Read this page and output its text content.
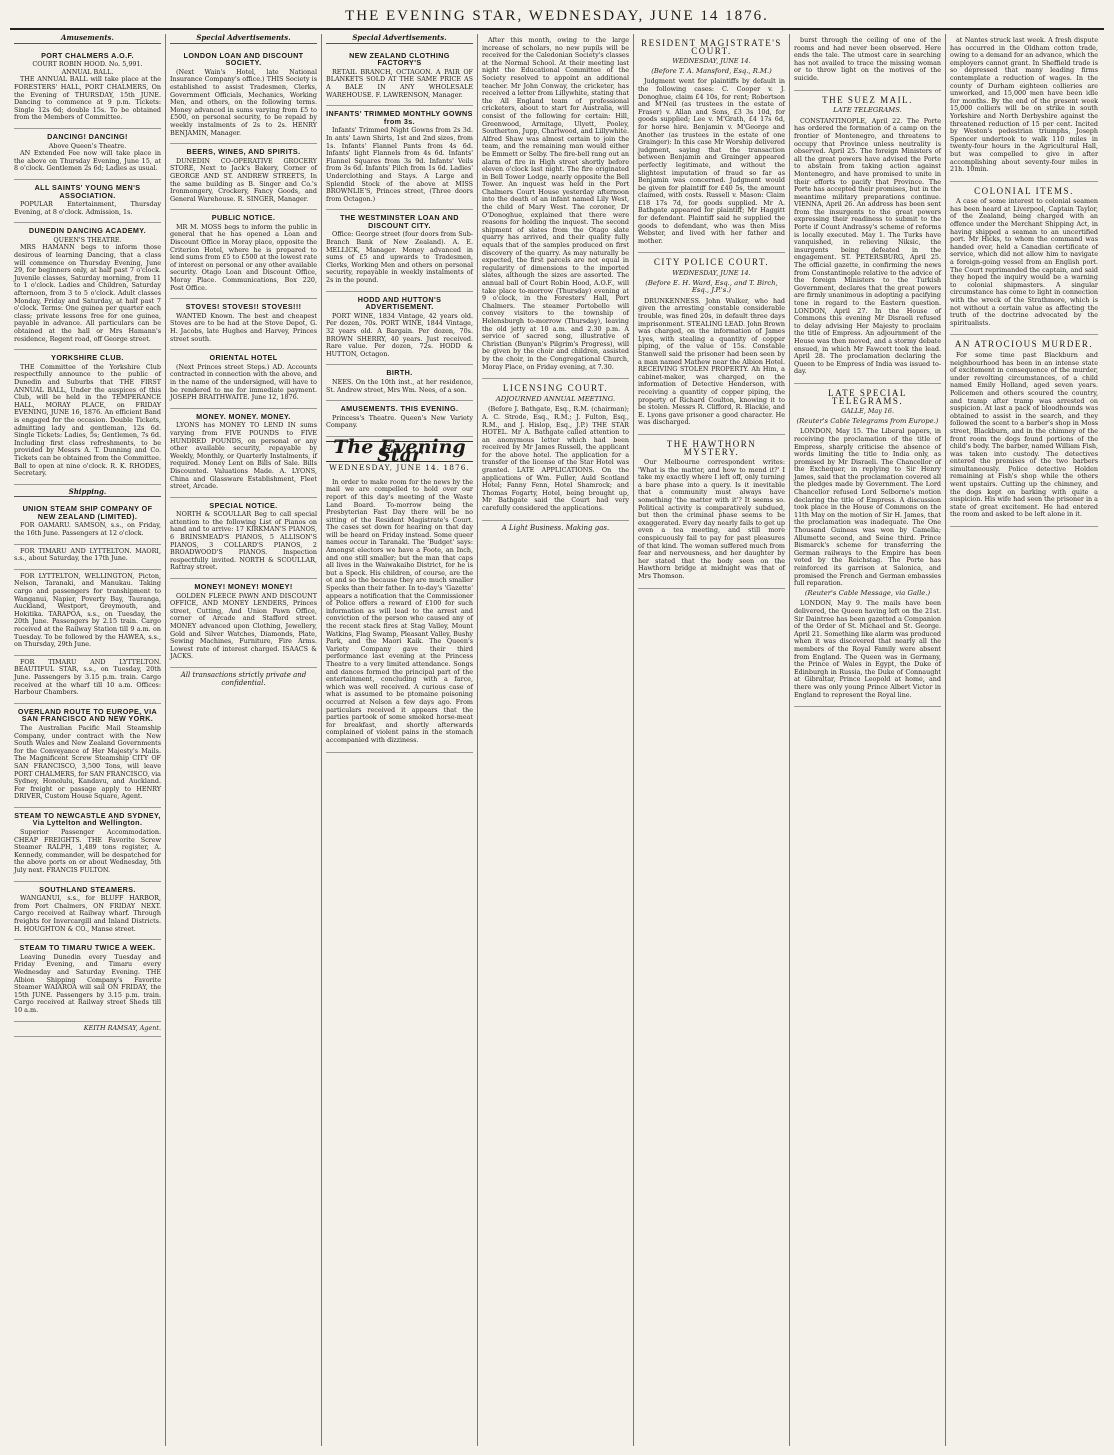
THE EVENING STAR, WEDNESDAY, JUNE 14 1876.
Amusements.
PORT CHALMERS A.O.F.
COURT ROBIN HOOD. No. 5,991.
ANNUAL BALL.

THE ANNUAL BALL will take place at the FORESTERS' HALL, PORT CHALMERS, On the Evening of THURSDAY, 15th JUNE. Dancing to commence at 9 p.m. Tickets: Single 12s 6d; double 15s. To be obtained from the Members of Committee.

DANCING! DANCING!
Above Queen's Theatre.

AN Extended Fee now will take place in the above on Thursday Evening, June 15, at 8 o'clock. Gentlemen 2s 6d; Ladies as usual.

ALL SAINTS' YOUNG MEN'S ASSOCIATION.

POPULAR Entertainment, Thursday Evening, at 8 o'clock. Admission, 1s.

DUNEDIN DANCING ACADEMY.
QUEEN'S THEATRE.

MRS HAMANN begs to inform those desirous of learning Dancing, that a class will commence on Thursday Evening, June 29, for beginners only, at half past 7 o'clock. Juvenile classes, Saturday morning, from 11 to 1 o'clock. Ladies and Children, Saturday afternoon, from 3 to 5 o'clock. Adult classes Monday, Friday and Saturday, at half past 7 o'clock. Terms: One guinea per quarter each class; private lessons free for one guinea, payable in advance. All particulars can be obtained at the hall or Mrs Hamann's residence, Regent road, off George street.

YORKSHIRE CLUB.

THE Committee of the Yorkshire Club respectfully announce to the public of Dunedin and Suburbs that THE FIRST ANNUAL BALL, Under the auspices of this Club, will be held in the TEMPERANCE HALL, MORAY PLACE, on FRIDAY EVENING, JUNE 16, 1876. An efficient Band is engaged for the occasion. Double Tickets, admitting lady and gentleman, 12s 6d. Single Tickets: Ladies, 5s; Gentlemen, 7s 6d. Including first class refreshments, to be provided by Messrs A. T. Dunning and Co. Tickets can be obtained from the Committee. Ball to open at nine o'clock. R. K. RHODES, Secretary.

Shipping.
UNION STEAM SHIP COMPANY OF NEW ZEALAND (LIMITED).

FOR OAMARU. SAMSON, s.s., on Friday, the 16th June. Passengers at 12 o'clock.

FOR TIMARU AND LYTTELTON. MAORI, s.s., about Saturday, the 17th June.

FOR LYTTELTON, WELLINGTON, Picton, Nelson, Taranaki, and Manukau. Taking cargo and passengers for transhipment to Wanganui, Napier, Poverty Bay, Tauranga, Auckland, Westport, Greymouth, and Hokitika. TARAPOA, s.s., on Tuesday, the 20th June. Passengers by 2.15 train. Cargo received at the Railway Station till 9 a.m. on Tuesday. To be followed by the HAWEA, s.s., on Thursday, 29th June.

FOR TIMARU AND LYTTELTON. BEAUTIFUL STAR, s.s., on Tuesday, 20th June. Passengers by 3.15 p.m. train. Cargo received at the wharf till 10 a.m. Offices: Harbour Chambers.

OVERLAND ROUTE TO EUROPE, VIA SAN FRANCISCO AND NEW YORK.

The Australian Pacific Mail Steamship Company, under contract with the New South Wales and New Zealand Governments for the Conveyance of Her Majesty's Mails. The Magnificent Screw Steamship CITY OF SAN FRANCISCO, 3,500 Tons, will leave PORT CHALMERS, for SAN FRANCISCO, via Sydney, Honolulu, Kandavu, and Auckland. For freight or passage apply to HENRY DRIVER, Custom House Square, Agent.

STEAM TO NEWCASTLE AND SYDNEY, Via Lyttelton and Wellington.

Superior Passenger Accommodation. CHEAP FREIGHTS. THE Favorite Screw Steamer RALPH, 1,489 tons register, A. Kennedy, commander, will be despatched for the above ports on or about Wednesday, 5th July next. FRANCIS FULTON.

SOUTHLAND STEAMERS.

WANGANUI, s.s., for BLUFF HARBOR, from Port Chalmers, ON FRIDAY NEXT. Cargo received at Railway wharf. Through freights for Invercargill and Inland Districts. H. HOUGHTON & CO., Manse street.

STEAM TO TIMARU TWICE A WEEK.

Leaving Dunedin every Tuesday and Friday Evening, and Timaru every Wednesday and Saturday Evening. THE Albion Shipping Company's Favorite Steamer WAIAROA will sail ON FRIDAY, the 15th JUNE. Passengers by 3.15 p.m. train. Cargo received at Railway street Sheds till 10 a.m.

KEITH RAMSAY, Agent.
Special Advertisements.
LONDON LOAN AND DISCOUNT SOCIETY.

(Next Wain's Hotel, late National Insurance Company's office.) THIS Society is established to assist Tradesmen, Clerks, Government Officials, Mechanics, Working Men, and others, on the following terms. Money advanced in sums varying from £5 to £500, on personal security, to be repaid by weekly instalments of 2s to 2s. HENRY BENJAMIN, Manager.

BEERS, WINES, AND SPIRITS.

DUNEDIN CO-OPERATIVE GROCERY STORE, Next to Jack's Bakery, Corner of GEORGE AND ST. ANDREW STREETS, In the same building as B. Singer and Co.'s Ironmongery, Crockery, Fancy Goods, and General Warehouse. R. SINGER, Manager.

PUBLIC NOTICE.

MR M. MOSS begs to inform the public in general that he has opened a Loan and Discount Office in Moray place, opposite the Criterion Hotel, where he is prepared to lend sums from £5 to £500 at the lowest rate of interest on personal or any other available security. Otago Loan and Discount Office, Moray Place. Communications, Box 220, Post Office.

STOVES! STOVES!! STOVES!!!

WANTED Known. The best and cheapest Stoves are to be had at the Stove Depot, G. H. Jacobs, late Hughes and Harvey, Princes street south.

ORIENTAL HOTEL

(Next Princes street Steps.) AD. Accounts contracted in connection with the above, and in the name of the undersigned, will have to be rendered to me for immediate payment. JOSEPH BRAITHWAITE. June 12, 1876.

MONEY. MONEY. MONEY.

LYONS has MONEY TO LEND IN sums varying from FIVE POUNDS to FIVE HUNDRED POUNDS, on personal or any other available security, repayable by Weekly, Monthly, or Quarterly Instalments, if required. Money Lent on Bills of Sale. Bills Discounted. Valuations Made. A. LYONS, China and Glassware Establishment, Fleet street, Arcade.

SPECIAL NOTICE.

NORTH & SCOULLAR Beg to call special attention to the following List of Pianos on hand and to arrive: 17 KIRKMAN'S PIANOS, 6 BRINSMEAD'S PIANOS, 5 ALLISON'S PIANOS, 3 COLLARD'S PIANOS, 2 BROADWOOD'S PIANOS. Inspection respectfully invited. NORTH & SCOULLAR, Rattray street.

MONEY! MONEY! MONEY!

GOLDEN FLEECE PAWN AND DISCOUNT OFFICE, AND MONEY LENDERS, Princes street, Cutting, And Union Pawn Office, corner of Arcade and Stafford street. MONEY advanced upon Clothing, Jewellery, Gold and Silver Watches, Diamonds, Plate, Sewing Machines, Furniture, Fire Arms. Lowest rate of interest charged. ISAACS & JACKS.

All transactions strictly private and confidential.
Special Advertisements.
NEW ZEALAND CLOTHING FACTORY'S

RETAIL BRANCH, OCTAGON. A PAIR OF BLANKETS SOLD AT THE SAME PRICE AS A BALE IN ANY WHOLESALE WAREHOUSE. F. LAWRENSON, Manager.

INFANTS' TRIMMED MONTHLY GOWNS from 3s.

Infants' Trimmed Night Gowns from 2s 3d. In ants' Lawn Shirts, 1st and 2nd sizes, from 1s. Infants' Flannel Pants from 4s 6d. Infants' light Flannels from 4s 6d. Infants' Flannel Squares from 3s 9d. Infants' Veils from 3s 6d. Infants' Pilch from 1s 6d. Ladies' Underclothing and Stays. A Large and Splendid Stock of the above at MISS BROWNLIE'S, Princes street, (Three doors from Octagon.)

THE WESTMINSTER LOAN AND DISCOUNT CITY.

Office: George street (four doors from Sub-Branch Bank of New Zealand). A. E. MELLICK, Manager. Money advanced in sums of £5 and upwards to Tradesmen, Clerks, Working Men and others on personal security, repayable in weekly instalments of 2s in the pound.

HODD AND HUTTON'S ADVERTISEMENT.

PORT WINE, 1834 Vintage, 42 years old. Per dozen, 70s. PORT WINE, 1844 Vintage, 32 years old. A Bargain. Per dozen, 70s. BROWN SHERRY, 40 years. Just received. Rare value. Per dozen, 72s. HODD & HUTTON, Octagon.

BIRTH.

NEES. On the 10th inst., at her residence, St. Andrew street, Mrs Wm. Nees, of a son.

AMUSEMENTS. THIS EVENING.

Princess's Theatre. Queen's New Variety Company.

The Evening Star
WEDNESDAY, JUNE 14. 1876.

In order to make room for the news by the mail we are compelled to hold over our report of this day's meeting of the Waste Land Board. To-morrow being the Presbyterian Fast Day there will be no sitting of the Resident Magistrate's Court. The cases set down for hearing on that day will be heard on Friday instead. Some queer names occur in Taranaki. The 'Budget' says: Amongst electors we have a Foote, an Inch, and one still smaller; but the man that caps all lives in the Waiwakaiho District, for he is but a Speck. His children, of course, are the ot and so the because they are much smaller Specks than their father. In to-day's 'Gazette' appears a notification that the Commissioner of Police offers a reward of £100 for such information as will lead to the arrest and conviction of the person who caused any of the recent stack fires at Stag Valley, Mount Watkins, Flag Swamp, Pleasant Valley, Bushy Park, and the Maori Kaik. The Queen's Variety Company gave their third performance last evening at the Princess Theatre to a very limited attendance. Songs and dances formed the principal part of the entertainment, concluding with a farce, which was well received. A curious case of what is assumed to be ptomaine poisoning occurred at Nelson a few days ago. From particulars received it appears that the parties partook of some smoked horse-meat for breakfast, and shortly afterwards complained of violent pains in the stomach accompanied with dizziness.

After this month, owing to the large increase of scholars, no new pupils will be received for the Caledonian Society's classes at the Normal School. At their meeting last night the Educational Committee of the Society resolved to appoint an additional teacher. Mr John Conway, the cricketer, has received a letter from Lillywhite, stating that the All England team of professional cricketers, about to start for Australia, will consist of the following for certain: Hill, Greenwood, Armitage, Ulyett, Pooley, Southerton, Jupp, Charlwood, and Lillywhite. Alfred Shaw was almost certain to join the team, and the remaining man would either be Emmett or Selby. The fire-bell rang out an alarm of fire in High street shortly before eleven o'clock last night. The fire originated in Bell Tower Lodge, nearly opposite the Bell Tower. An inquest was held in the Port Chalmers Court House yesterday afternoon into the death of an infant named Lily West, the child of Mary West. The coroner, Dr O'Donoghue, explained that there were reasons for holding the inquest. The second shipment of slates from the Otago slate quarry has arrived, and their quality fully equals that of the samples produced on first discovery of the quarry. As may naturally be expected, the first parcels are not equal in regularity of dimensions to the imported slates, although the sizes are assorted. The annual ball of Court Robin Hood, A.O.F., will take place to-morrow (Thursday) evening at 9 o'clock, in the Foresters' Hall, Port Chalmers. The steamer Portobello will convey visitors to the township of Helensburgh to-morrow (Thursday), leaving the old jetty at 10 a.m. and 2.30 p.m. A service of sacred song, illustrative of Christian (Bunyan's Pilgrim's Progress), will be given by the choir and children, assisted by the choir, in the Congregational Church, Moray Place, on Friday evening, at 7.30.

LICENSING COURT.
ADJOURNED ANNUAL MEETING.

(Before J. Bathgate, Esq., R.M. (chairman); A. C. Strode, Esq., R.M.; J. Fulton, Esq., R.M., and J. Hislop, Esq., J.P.) THE STAR HOTEL. Mr A. Bathgate called attention to an anonymous letter which had been received by Mr James Russell, the applicant for the above hotel. The application for a transfer of the license of the Star Hotel was granted. LATE APPLICATIONS. On the applications of Wm. Fuller, Auld Scotland Hotel; Fanny Fenn, Hotel Shamrock; and Thomas Fogarty, Hotel, being brought up, Mr Bathgate said the Court had very carefully considered the applications.

A Light Business. Making gas.
RESIDENT MAGISTRATE'S COURT.
WEDNESDAY, JUNE 14.
(Before T. A. Mansford, Esq., R.M.)

Judgment went for plaintiffs by default in the following cases: C. Cooper v. J. Donoghue, claim £4 10s, for rent; Robertson and M'Neil (as trustees in the estate of Fraser) v. Allan and Sons, £3 3s 10d, for goods supplied; Lee v. M'Grath, £4 17s 6d, for horse hire. Benjamin v. M'George and Another (as trustees in the estate of one Grainger): In this case Mr Worship delivered judgment, saying that the transaction between Benjamin and Grainger appeared perfectly legitimate, and without the slightest imputation of fraud so far as Benjamin was concerned. Judgment would be given for plaintiff for £40 5s, the amount claimed, with costs. Russell v. Mason: Claim £18 17s 7d, for goods supplied. Mr A. Bathgate appeared for plaintiff; Mr Haggitt for defendant. Plaintiff said he supplied the goods to defendant, who was then Miss Webster, and lived with her father and mother.

CITY POLICE COURT.
WEDNESDAY, JUNE 14.
(Before E. H. Ward, Esq., and T. Birch, Esq., J.P.'s.)

DRUNKENNESS. John Walker, who had given the arresting constable considerable trouble, was fined 20s, in default three days imprisonment. STEALING LEAD. John Brown was charged, on the information of James Lyes, with stealing a quantity of copper piping, of the value of 15s. Constable Stanwell said the prisoner had been seen by a man named Mathew near the Albion Hotel. RECEIVING STOLEN PROPERTY. Ah Him, a cabinet-maker, was charged, on the information of Detective Henderson, with receiving a quantity of copper piping, the property of Richard Coulton, knowing it to be stolen. Messrs R. Clifford, R. Blackie, and E. Lyons gave prisoner a good character. He was discharged.

THE HAWTHORN MYSTERY.

Our Melbourne correspondent writes: 'What is the matter, and how to mend it?' I take my exactly where I left off, only turning a bare phase into a query. Is it inevitable that a community must always have something 'the matter with it'? It seems so. Political activity is comparatively subdued, but then the criminal phase seems to be exaggerated. Every day nearly fails to get up even a tea meeting, and still more conspicuously fail to pay for past pleasures of that kind. The woman suffered much from fear and nervousness, and her daughter by her stated that the body seen on the Hawthorn bridge at midnight was that of Mrs Thomson.

burst through the ceiling of one of the rooms and had never been observed. Here ends the tale. The utmost care in searching has not availed to trace the missing woman or to throw light on the motives of the suicide.

THE SUEZ MAIL.
LATE TELEGRAMS.

CONSTANTINOPLE, April 22. The Porte has ordered the formation of a camp on the frontier of Montenegro, and threatens to occupy that Province unless neutrality is observed. April 25. The foreign Ministers of all the great powers have advised the Porte to abstain from taking action against Montenegro, and have promised to unite in their efforts to pacify that Province. The Porte has accepted their promises, but in the meantime military preparations continue. VIENNA, April 26. An address has been sent from the insurgents to the great powers expressing their readiness to submit to the Porte if Count Andrassy's scheme of reforms is locally executed. May 1. The Turks have vanquished, in relieving Niksic, the insurgents being defeated in the engagement. ST. PETERSBURG, April 25. The official gazette, in confirming the news from Constantinople relative to the advice of the foreign Ministers to the Turkish Government, declares that the great powers are firmly unanimous in adopting a pacifying tone in regard to the Eastern question. LONDON, April 27. In the House of Commons this evening Mr Disraeli refused to delay advising Her Majesty to proclaim the title of Empress. An adjournment of the House was then moved, and a stormy debate ensued, in which Mr Fawcett took the lead. April 28. The proclamation declaring the Queen to be Empress of India was issued to-day.

LATE SPECIAL TELEGRAMS.
GALLE, May 16.
(Reuter's Cable Telegrams from Europe.)

LONDON, May 15. The Liberal papers, in receiving the proclamation of the title of Empress, sharply criticise the absence of words limiting the title to India only, as promised by Mr Disraeli. The Chancellor of the Exchequer, in replying to Sir Henry James, said that the proclamation covered all the pledges made by Government. The Lord Chancellor refused Lord Selborne's motion declaring the title of Empress. A discussion took place in the House of Commons on the 11th May on the motion of Sir H. James, that the proclamation was inadequate. The One Thousand Guineas was won by Camelia; Allumette second, and Seine third. Prince Bismarck's scheme for transferring the German railways to the Empire has been voted by the Reichstag. The Porte has reinforced its garrison at Salonica, and promised the French and German embassies full reparation.

(Reuter's Cable Message, via Galle.)

LONDON, May 9. The mails have been delivered, the Queen having left on the 21st. Sir Daintree has been gazetted a Companion of the Order of St. Michael and St. George. April 21. Something like alarm was produced when it was discovered that nearly all the members of the Royal Family were absent from England. The Queen was in Germany, the Prince of Wales in Egypt, the Duke of Edinburgh in Russia, the Duke of Connaught at Gibraltar, Prince Leopold at home, and there was only young Prince Albert Victor in England to represent the Royal line.

at Nantes struck last week. A fresh dispute has occurred in the Oldham cotton trade, owing to a demand for an advance, which the employers cannot grant. In Sheffield trade is so depressed that many leading firms contemplate a reduction of wages. In the county of Durham eighteen collieries are unworked, and 15,000 men have been idle for months. By the end of the present week 15,000 colliers will be on strike in south Yorkshire and North Derbyshire against the threatened reduction of 15 per cent. Incited by Weston's pedestrian triumphs, Joseph Spencer undertook to walk 110 miles in twenty-four hours in the Agricultural Hall, but was compelled to give in after accomplishing about seventy-four miles in 21h. 10min.

COLONIAL ITEMS.

A case of some interest to colonial seamen has been heard at Liverpool, Captain Taylor, of the Zealand, being charged with an offence under the Merchant Shipping Act, in having shipped a seaman to an uncertified port. Mr Hicks, to whom the command was handed over, held a Canadian certificate of service, which did not allow him to navigate a foreign-going vessel from an English port. The Court reprimanded the captain, and said they hoped the inquiry would be a warning to colonial shipmasters. A singular circumstance has come to light in connection with the wreck of the Strathmore, which is not without a certain value as affecting the truth of the doctrine advocated by the spiritualists.

AN ATROCIOUS MURDER.

For some time past Blackburn and neighbourhood has been in an intense state of excitement in consequence of the murder, under revolting circumstances, of a child named Emily Holland, aged seven years. Policemen and others scoured the country, and tramp after tramp was arrested on suspicion. At last a pack of bloodhounds was obtained to assist in the search, and they followed the scent to a barber's shop in Moss street, Blackburn, and in the chimney of the front room the dogs found portions of the child's body. The barber, named William Fish, was taken into custody. The detectives entered the premises of the two barbers simultaneously. Police detective Holden remaining at Fish's shop while the others went upstairs. Cutting up the chimney, and the dogs kept on barking with quite a suspicion. His wife had seen the prisoner in a state of great excitement. He had entered the room and asked to be left alone in it.
